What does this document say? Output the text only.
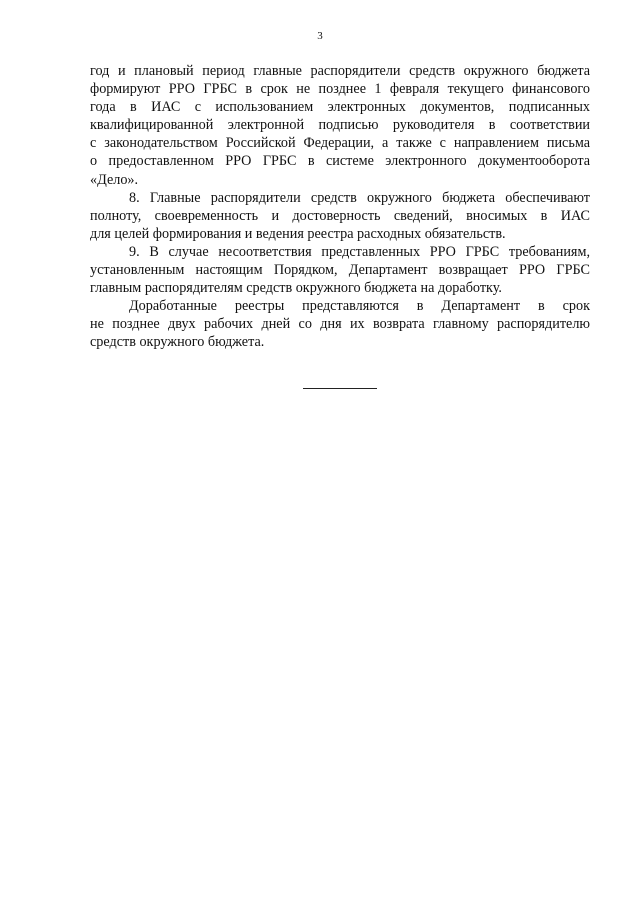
3
год и плановый период главные распорядители средств окружного бюджета
формируют РРО ГРБС в срок не позднее 1 февраля текущего финансового
года в ИАС с использованием электронных документов, подписанных
квалифицированной электронной подписью руководителя в соответствии
с законодательством Российской Федерации, а также с направлением письма
о предоставленном РРО ГРБС в системе электронного документооборота
«Дело».
8. Главные распорядители средств окружного бюджета обеспечивают
полноту, своевременность и достоверность сведений, вносимых в ИАС
для целей формирования и ведения реестра расходных обязательств.
9. В случае несоответствия представленных РРО ГРБС требованиям,
установленным настоящим Порядком, Департамент возвращает РРО ГРБС
главным распорядителям средств окружного бюджета на доработку.
Доработанные реестры представляются в Департамент в срок
не позднее двух рабочих дней со дня их возврата главному распорядителю
средств окружного бюджета.
